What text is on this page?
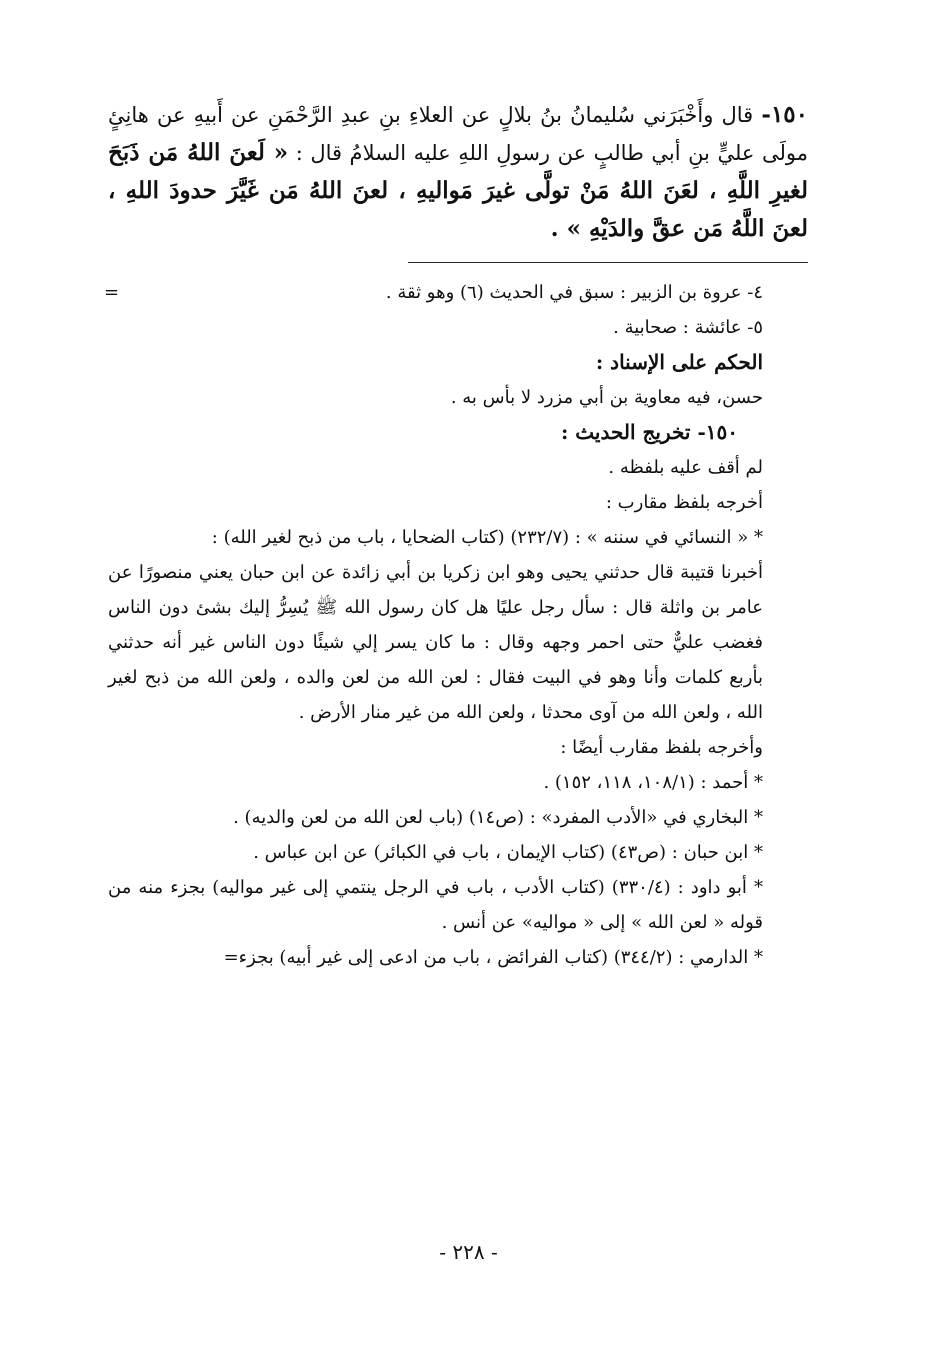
١٥٠- قال وأَخْبَرَني سُليمانُ بنُ بلالٍ عن العلاءِ بنِ عبدِ الرَّحْمَنِ عن أَبيهِ عن هانِئٍ مولَى عليٍّ بنِ أبي طالبٍ عن رسولِ اللهِ عليه السلامُ قال : « لَعنَ اللهُ مَن ذَبَحَ لغيرِ اللَّهِ ، لعَنَ اللهُ مَنْ تولَّى غيرَ مَواليهِ ، لعنَ اللهُ مَن غَيَّرَ حدودَ اللهِ ، لعنَ اللَّهُ مَن عقَّ والدَيْهِ » .
٤- عروة بن الزبير : سبق في الحديث (٦) وهو ثقة .
=
٥- عائشة : صحابية .
الحكم على الإسناد :
حسن، فيه معاوية بن أبي مزرد لا بأس به .
١٥٠- تخريج الحديث :
لم أقف عليه بلفظه .
أخرجه بلفظ مقارب :
* « النسائي في سننه » : (٢٣٢/٧) (كتاب الضحايا ، باب من ذبح لغير الله) :
أخبرنا قتيبة قال حدثني يحيى وهو ابن زكريا بن أبي زائدة عن ابن حبان يعني منصورًا عن عامر بن واثلة قال : سأل رجل عليًا هل كان رسول الله ﷺ يُسِرُّ إليك بشئ دون الناس فغضب عليٌّ حتى احمر وجهه وقال : ما كان يسر إلي شيئًا دون الناس غير أنه حدثني بأربع كلمات وأنا وهو في البيت فقال : لعن الله من لعن والده ، ولعن الله من ذبح لغير الله ، ولعن الله من آوى محدثا ، ولعن الله من غير منار الأرض .
وأخرجه بلفظ مقارب أيضًا :
* أحمد : (١٠٨/١، ١١٨، ١٥٢) .
* البخاري في «الأدب المفرد» : (ص١٤) (باب لعن الله من لعن والديه) .
* ابن حبان : (ص٤٣) (كتاب الإيمان ، باب في الكبائر) عن ابن عباس .
* أبو داود : (٣٣٠/٤) (كتاب الأدب ، باب في الرجل ينتمي إلى غير مواليه) بجزء منه من قوله « لعن الله » إلى « مواليه» عن أنس .
* الدارمي : (٣٤٤/٢) (كتاب الفرائض ، باب من ادعى إلى غير أبيه) بجزء=
- ٢٢٨ -
